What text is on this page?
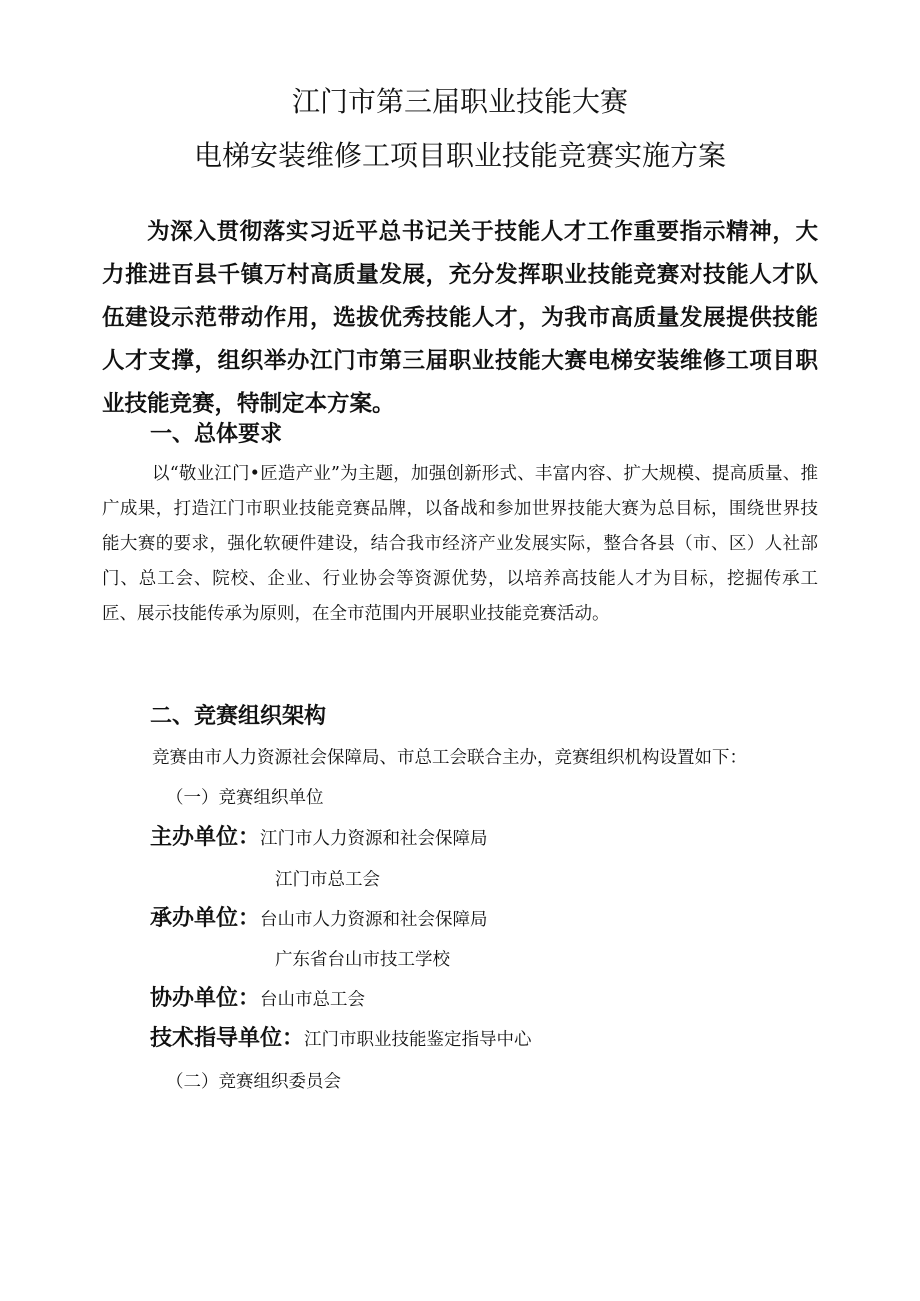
江门市第三届职业技能大赛
电梯安装维修工项目职业技能竞赛实施方案

为深入贯彻落实习近平总书记关于技能人才工作重要指示精神，大力推进百县千镇万村高质量发展，充分发挥职业技能竞赛对技能人才队伍建设示范带动作用，选拔优秀技能人才，为我市高质量发展提供技能人才支撑，组织举办江门市第三届职业技能大赛电梯安装维修工项目职业技能竞赛，特制定本方案。

一、总体要求

以“敬业江门•匠造产业”为主题，加强创新形式、丰富内容、扩大规模、提高质量、推广成果，打造江门市职业技能竞赛品牌，以备战和参加世界技能大赛为总目标，围绕世界技能大赛的要求，强化软硬件建设，结合我市经济产业发展实际，整合各县（市、区）人社部门、总工会、院校、企业、行业协会等资源优势，以培养高技能人才为目标，挖掘传承工匠、展示技能传承为原则，在全市范围内开展职业技能竞赛活动。

二、竞赛组织架构
竞赛由市人力资源社会保障局、市总工会联合主办，竞赛组织机构设置如下：
（一）竞赛组织单位
主办单位：江门市人力资源和社会保障局
江门市总工会
承办单位：台山市人力资源和社会保障局
广东省台山市技工学校
协办单位：台山市总工会
技术指导单位：江门市职业技能鉴定指导中心
（二）竞赛组织委员会
